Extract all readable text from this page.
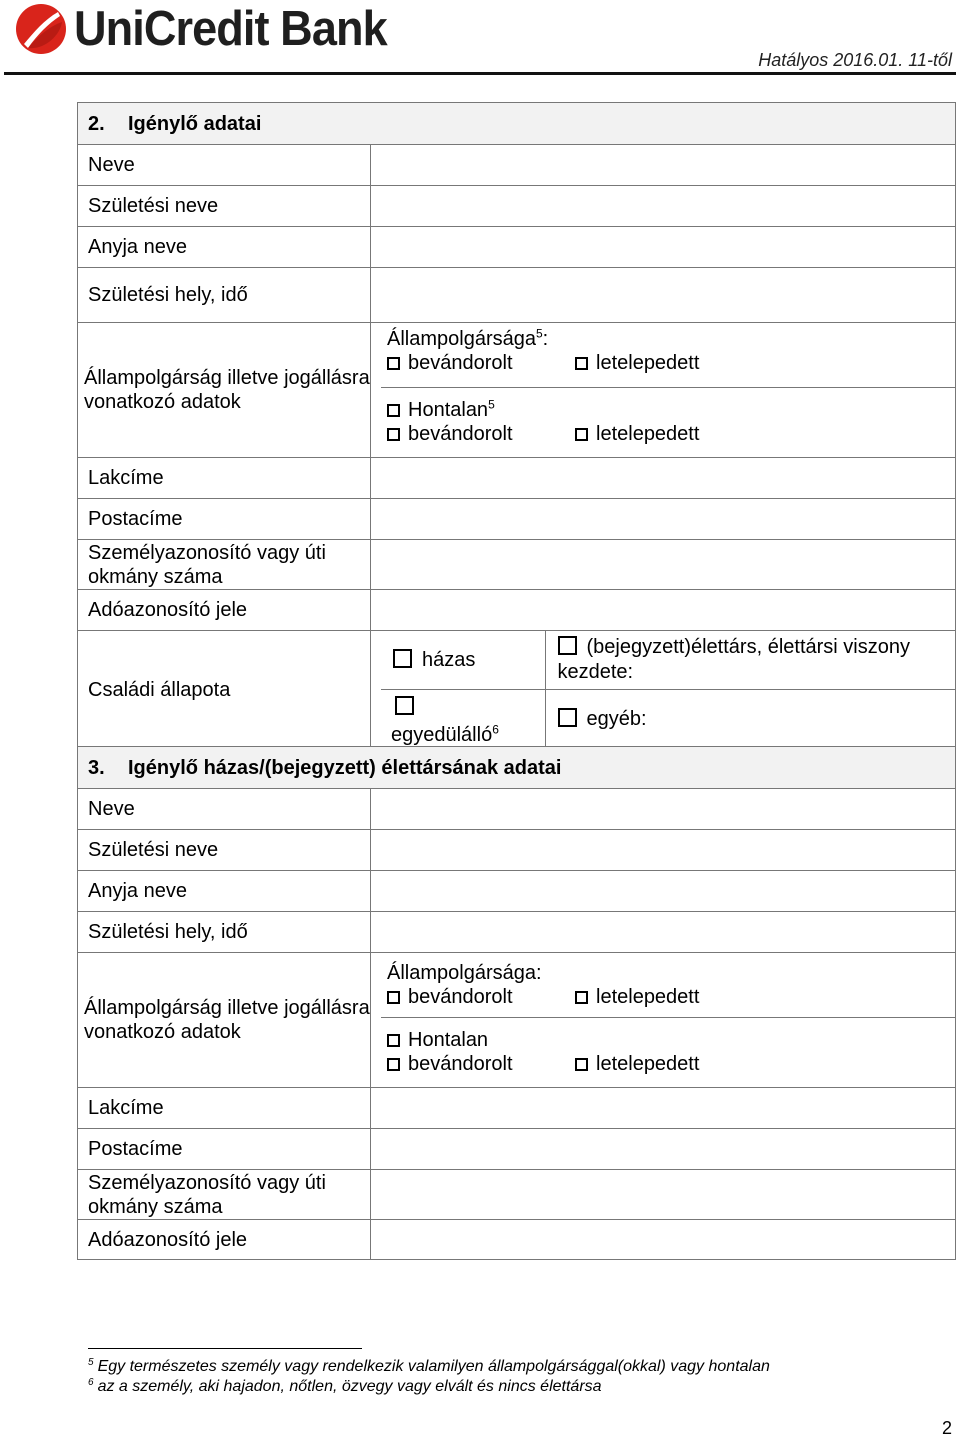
UniCredit Bank
Hatályos 2016.01. 11-től
2. Igénylő adatai
Neve	
Születési neve	
Anyja neve	
Születési hely, idő	
Állampolgárság illetve jogállásra vonatkozó adatok	
Állampolgársága$^5$:
bevándorolt	letelepedett

Hontalan$^5$
bevándorolt	letelepedett

Lakcíme	
Postacíme	
Személyazonosító vagy úti okmány száma	
Adóazonosító jele	
Családi állapota	
házas	(bejegyzett)élettárs, élettársi viszony kezdete:

egyedülálló$^6$	egyéb:
3. Igénylő házas/(bejegyzett) élettársának adatai
Neve	
Születési neve	
Anyja neve	
Születési hely, idő	
Állampolgárság illetve jogállásra vonatkozó adatok	
Állampolgársága:
bevándorolt	letelepedett

Hontalan
bevándorolt	letelepedett

Lakcíme	
Postacíme	
Személyazonosító vagy úti okmány száma	
Adóazonosító jele	
$^5$ Egy természetes személy vagy rendelkezik valamilyen állampolgársággal(okkal) vagy hontalan
$^6$ az a személy, aki hajadon, nőtlen, özvegy vagy elvált és nincs élettársa
2
